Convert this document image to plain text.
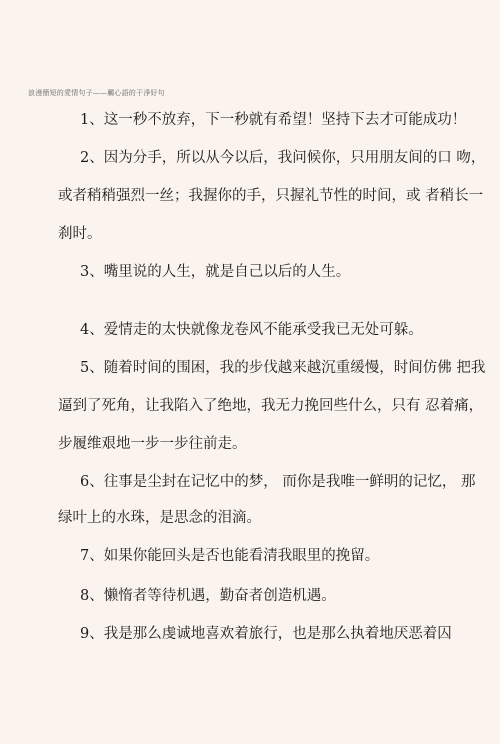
浪漫簡短的愛情句子——觸心語的干淨好句
1、这一秒不放弃，下一秒就有希望！坚持下去才可能成功！
2、因为分手，所以从今以后，我问候你，只用朋友间的口 吻，
或者稍稍强烈一丝；我握你的手，只握礼节性的时间，或 者稍长一
刹时。
3、嘴里说的人生，就是自己以后的人生。
4、爱情走的太快就像龙卷风不能承受我已无处可躲。
5、随着时间的围困，我的步伐越来越沉重缓慢，时间仿佛 把我
逼到了死角，让我陷入了绝地，我无力挽回些什么，只有 忍着痛，
步履维艰地一步一步往前走。
6、往事是尘封在记忆中的梦， 而你是我唯一鲜明的记忆， 那
绿叶上的水珠，是思念的泪滴。
7、如果你能回头是否也能看清我眼里的挽留。
8、懒惰者等待机遇，勤奋者创造机遇。
9、我是那么虔诚地喜欢着旅行，也是那么执着地厌恶着囚
